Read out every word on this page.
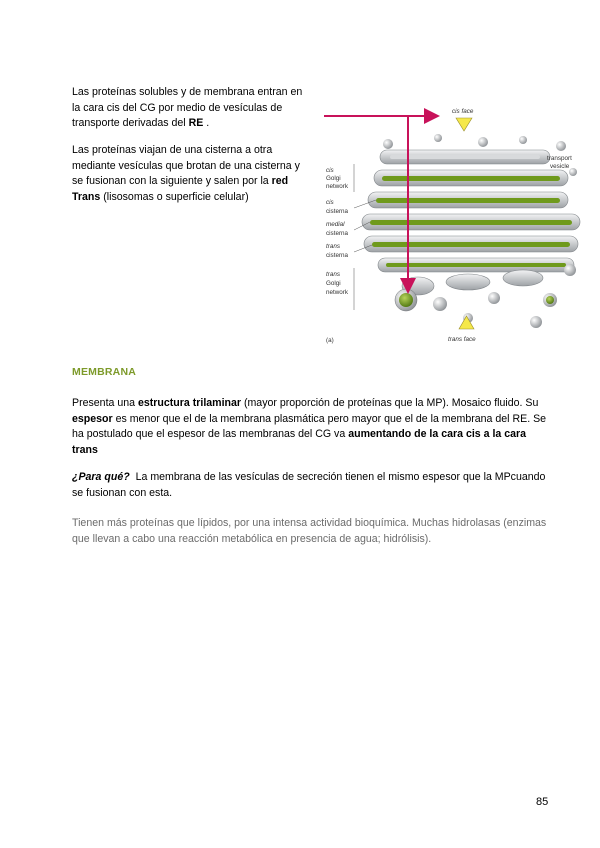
Las proteínas solubles y de membrana entran en la cara cis del CG por medio de vesículas de transporte derivadas del RE .

Las proteínas viajan de una cisterna a otra mediante vesículas que brotan de una cisterna y se fusionan con la siguiente y salen por la red Trans (lisosomas o superficie celular)

cis face
trans face
transport
vesicle
cis
Golgi
network
cis
cisterna
medial
cisterna
trans
cisterna
trans
Golgi
network
(a)
MEMBRANA

Presenta una estructura trilaminar (mayor proporción de proteínas que la MP). Mosaico fluido. Su espesor es menor que el de la membrana plasmática pero mayor que el de la membrana del RE. Se ha postulado que el espesor de las membranas del CG va aumentando de la cara cis a la cara trans

¿Para qué?  La membrana de las vesículas de secreción tienen el mismo espesor que la MPcuando se fusionan con esta.

Tienen más proteínas que lípidos, por una intensa actividad bioquímica. Muchas hidrolasas (enzimas que llevan a cabo una reacción metabólica en presencia de agua; hidrólisis).

85
